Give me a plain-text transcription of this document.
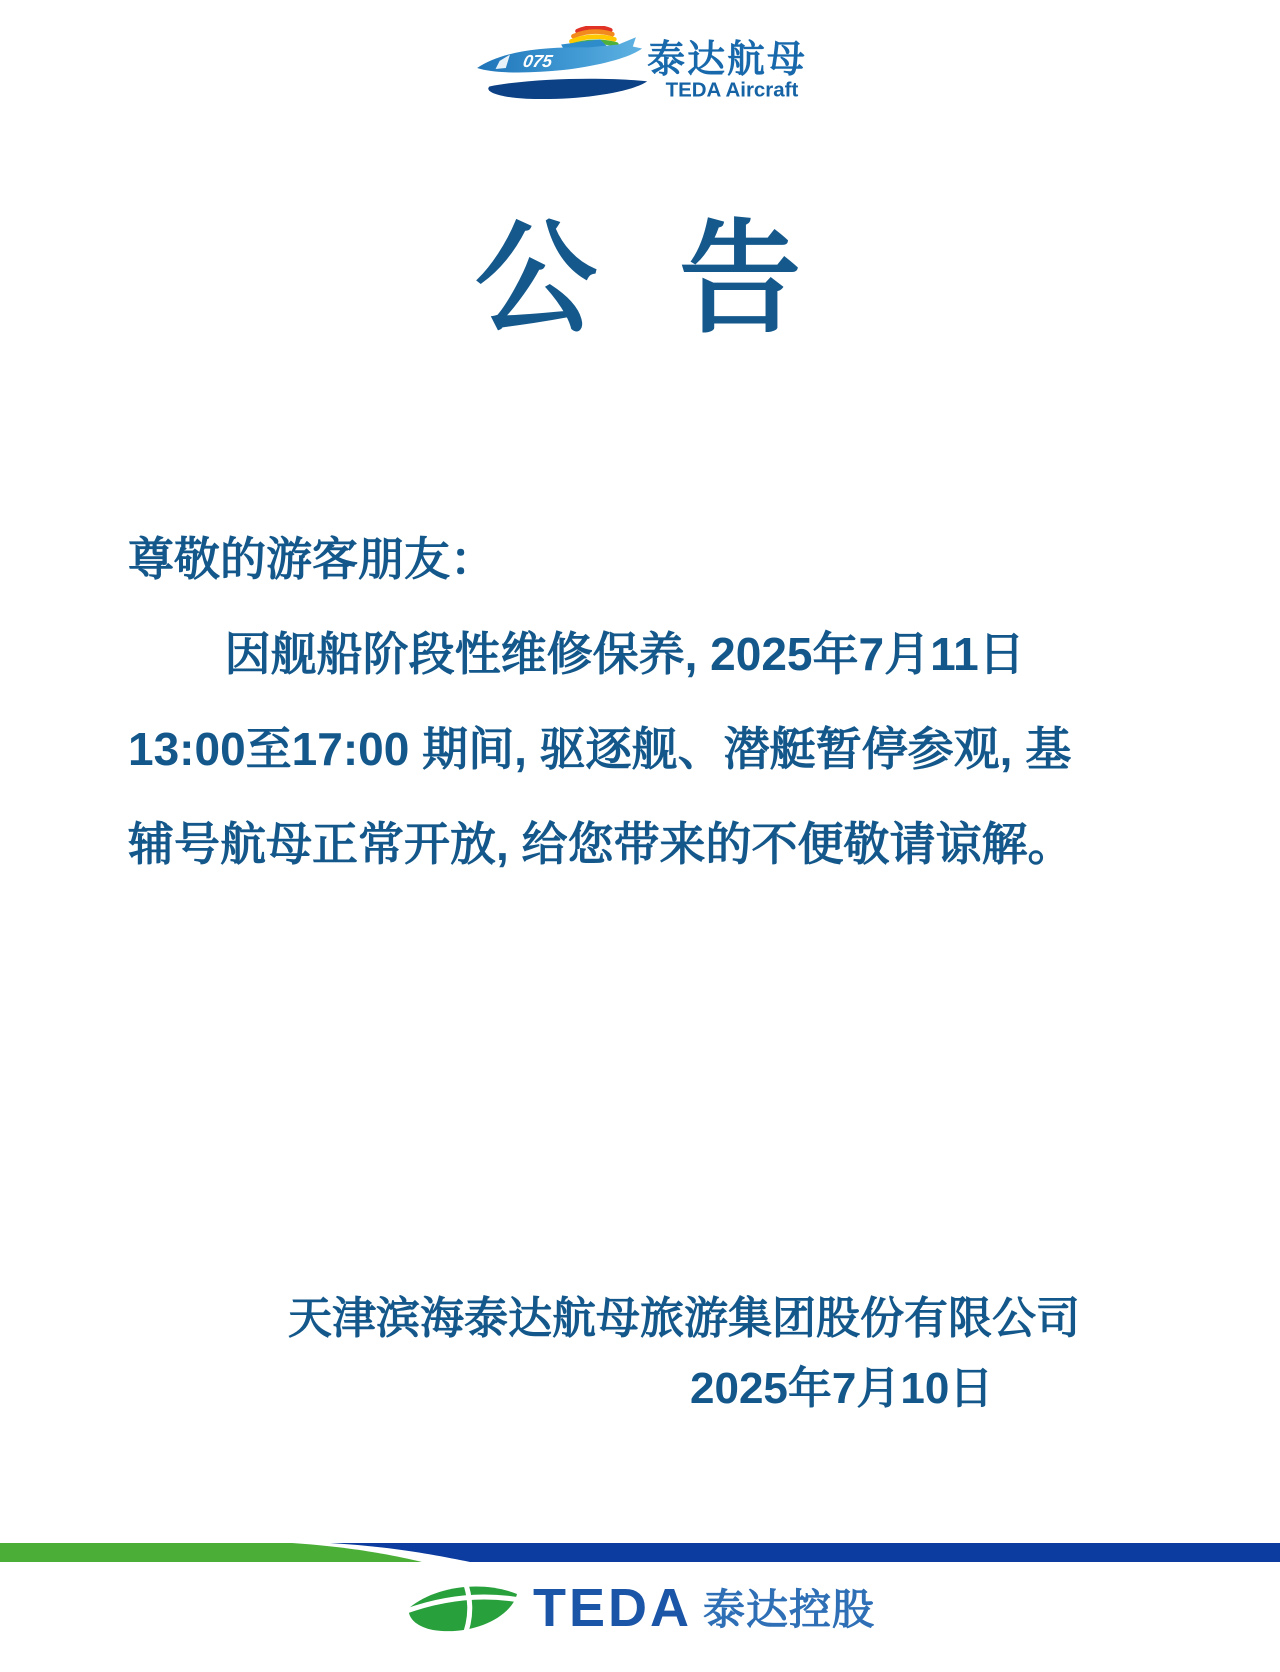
075	泰达航母
TEDA Aircraft
公 告
尊敬的游客朋友：
因舰船阶段性维修保养, 2025年7月11日
13:00至17:00 期间, 驱逐舰、潜艇暂停参观, 基
辅号航母正常开放, 给您带来的不便敬请谅解。
天津滨海泰达航母旅游集团股份有限公司
2025年7月10日
TEDA 泰达控股
